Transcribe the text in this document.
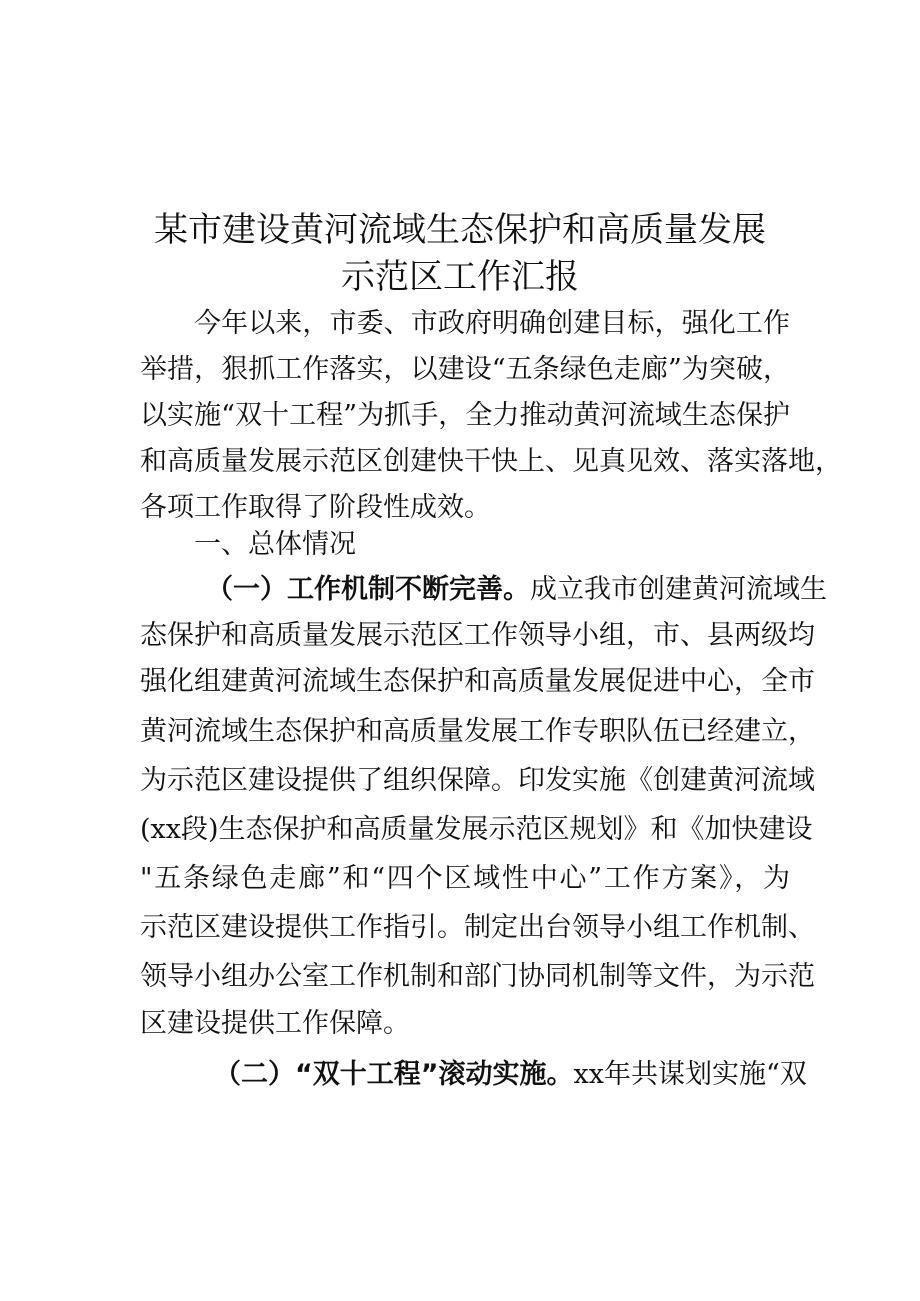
某市建设黄河流域生态保护和高质量发展
示范区工作汇报
今年以来，市委、市政府明确创建目标，强化工作
举措，狠抓工作落实，以建设“五条绿色走廊”为突破，
以实施“双十工程”为抓手，全力推动黄河流域生态保护
和高质量发展示范区创建快干快上、见真见效、落实落地，
各项工作取得了阶段性成效。
一、总体情况
（一）工作机制不断完善。成立我市创建黄河流域生
态保护和高质量发展示范区工作领导小组，市、县两级均
强化组建黄河流域生态保护和高质量发展促进中心，全市
黄河流域生态保护和高质量发展工作专职队伍已经建立，
为示范区建设提供了组织保障。印发实施《创建黄河流域
(xx段)生态保护和高质量发展示范区规划》和《加快建设
"五条绿色走廊”和“四个区域性中心”工作方案》，为
示范区建设提供工作指引。制定出台领导小组工作机制、
领导小组办公室工作机制和部门协同机制等文件，为示范
区建设提供工作保障。
（二）“双十工程”滚动实施。xx年共谋划实施“双
